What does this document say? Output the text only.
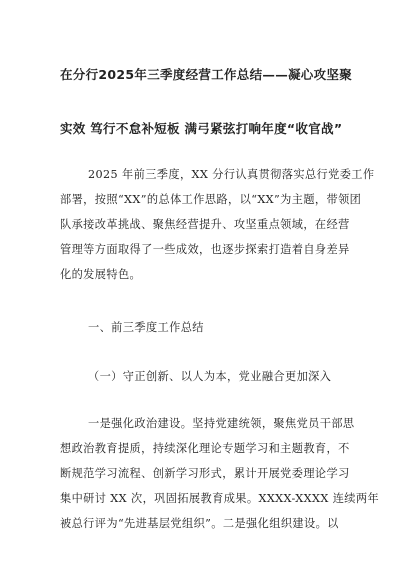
在分行2025年三季度经营工作总结——凝心攻坚聚
实效 笃行不怠补短板 满弓紧弦打响年度“收官战”
2025 年前三季度，XX 分行认真贯彻落实总行党委工作
部署，按照“XX”的总体工作思路，以“XX”为主题，带领团
队承接改革挑战、聚焦经营提升、攻坚重点领域，在经营
管理等方面取得了一些成效，也逐步探索打造着自身差异
化的发展特色。
一、前三季度工作总结
（一）守正创新、以人为本，党业融合更加深入
一是强化政治建设。坚持党建统领，聚焦党员干部思
想政治教育提质，持续深化理论专题学习和主题教育，不
断规范学习流程、创新学习形式，累计开展党委理论学习
集中研讨 XX 次，巩固拓展教育成果。XXXX-XXXX 连续两年
被总行评为“先进基层党组织”。二是强化组织建设。以
